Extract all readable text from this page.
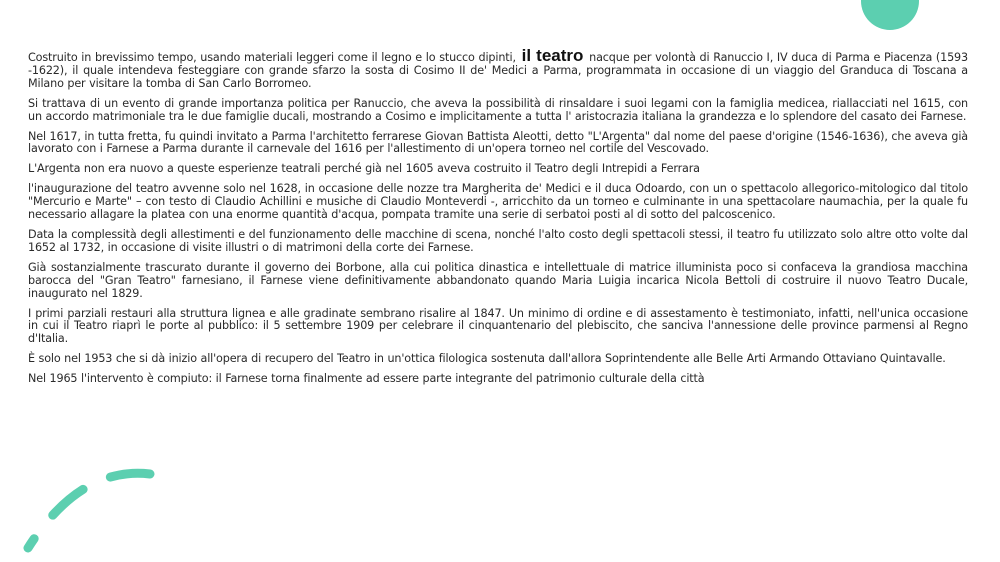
Costruito in brevissimo tempo, usando materiali leggeri come il legno e lo stucco dipinti, il teatro nacque per volontà di Ranuccio I, IV duca di Parma e Piacenza (1593 -1622), il quale intendeva festeggiare con grande sfarzo la sosta di Cosimo II de' Medici a Parma, programmata in occasione di un viaggio del Granduca di Toscana a Milano per visitare la tomba di San Carlo Borromeo.

Si trattava di un evento di grande importanza politica per Ranuccio, che aveva la possibilità di rinsaldare i suoi legami con la famiglia medicea, riallacciati nel 1615, con un accordo matrimoniale tra le due famiglie ducali, mostrando a Cosimo e implicitamente a tutta l' aristocrazia italiana la grandezza e lo splendore del casato dei Farnese.

Nel 1617, in tutta fretta, fu quindi invitato a Parma l'architetto ferrarese Giovan Battista Aleotti, detto "L'Argenta" dal nome del paese d'origine (1546-1636), che aveva già lavorato con i Farnese a Parma durante il carnevale del 1616 per l'allestimento di un'opera torneo nel cortile del Vescovado.

L'Argenta non era nuovo a queste esperienze teatrali perché già nel 1605 aveva costruito il Teatro degli Intrepidi a Ferrara

l'inaugurazione del teatro avvenne solo nel 1628, in occasione delle nozze tra Margherita de' Medici e il duca Odoardo, con un o spettacolo allegorico-mitologico dal titolo "Mercurio e Marte" – con testo di Claudio Achillini e musiche di Claudio Monteverdi -, arricchito da un torneo e culminante in una spettacolare naumachia, per la quale fu necessario allagare la platea con una enorme quantità d'acqua, pompata tramite una serie di serbatoi posti al di sotto del palcoscenico.

Data la complessità degli allestimenti e del funzionamento delle macchine di scena, nonché l'alto costo degli spettacoli stessi, il teatro fu utilizzato solo altre otto volte dal 1652 al 1732, in occasione di visite illustri o di matrimoni della corte dei Farnese.

Già sostanzialmente trascurato durante il governo dei Borbone, alla cui politica dinastica e intellettuale di matrice illuminista poco si confaceva la grandiosa macchina barocca del "Gran Teatro" farnesiano, il Farnese viene definitivamente abbandonato quando Maria Luigia incarica Nicola Bettoli di costruire il nuovo Teatro Ducale, inaugurato nel 1829.

I primi parziali restauri alla struttura lignea e alle gradinate sembrano risalire al 1847. Un minimo di ordine e di assestamento è testimoniato, infatti, nell'unica occasione in cui il Teatro riaprì le porte al pubblico: il 5 settembre 1909 per celebrare il cinquantenario del plebiscito, che sanciva l'annessione delle province parmensi al Regno d'Italia.

È solo nel 1953 che si dà inizio all'opera di recupero del Teatro in un'ottica filologica sostenuta dall'allora Soprintendente alle Belle Arti Armando Ottaviano Quintavalle.

Nel 1965 l'intervento è compiuto: il Farnese torna finalmente ad essere parte integrante del patrimonio culturale della città
